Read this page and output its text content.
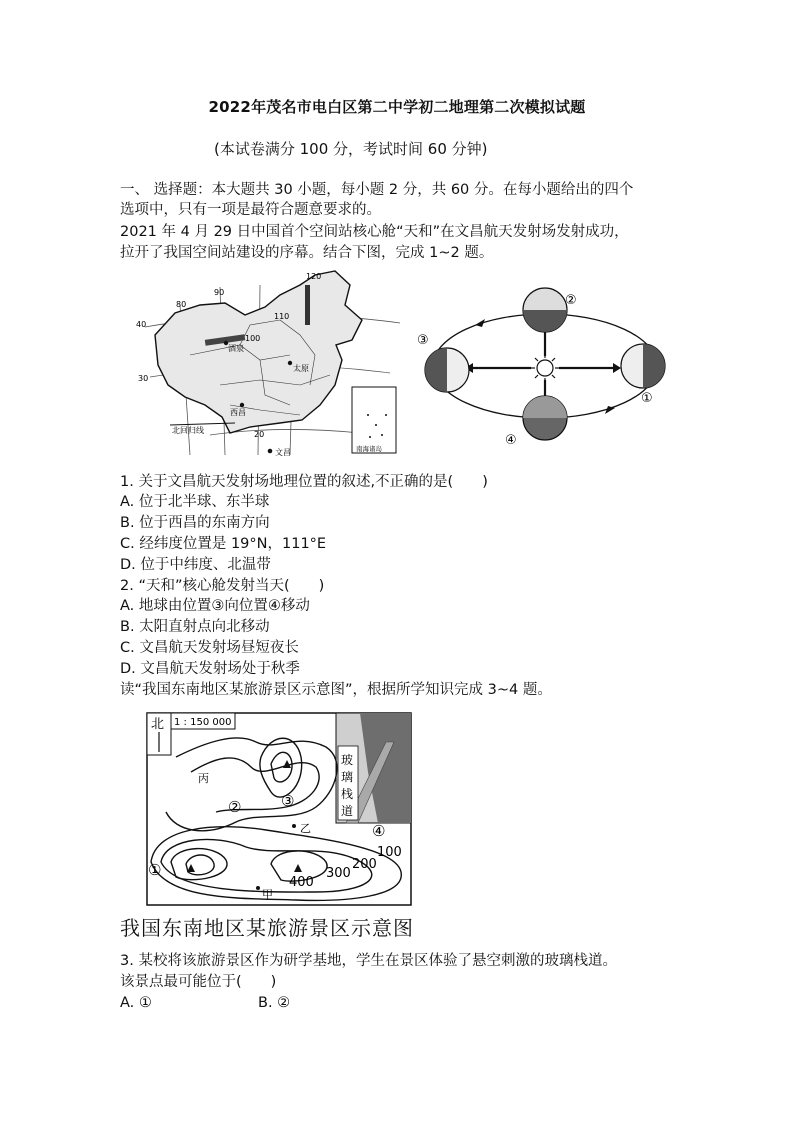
2022年茂名市电白区第二中学初二地理第二次模拟试题
(本试卷满分 100 分，考试时间 60 分钟)
一、 选择题：本大题共 30 小题，每小题 2 分，共 60 分。在每小题给出的四个
选项中，只有一项是最符合题意要求的。
2021 年 4 月 29 日中国首个空间站核心舱“天和”在文昌航天发射场发射成功，
拉开了我国空间站建设的序幕。结合下图，完成 1~2 题。
80
90
100
110
120
40
30
20
酒泉
太原
西昌
文昌
北回归线
南海诸岛
②
③
①
④
1. 关于文昌航天发射场地理位置的叙述,不正确的是(　　)
A. 位于北半球、东半球
B. 位于西昌的东南方向
C. 经纬度位置是 19°N，111°E
D. 位于中纬度、北温带
2. “天和”核心舱发射当天(　　)
A. 地球由位置③向位置④移动
B. 太阳直射点向北移动
C. 文昌航天发射场昼短夜长
D. 文昌航天发射场处于秋季
读“我国东南地区某旅游景区示意图”，根据所学知识完成 3~4 题。
北 1 : 150 000
玻
璃
栈
道
①
②	③
④
丙
乙
甲
100
200
300
400
我国东南地区某旅游景区示意图
3. 某校将该旅游景区作为研学基地，学生在景区体验了悬空刺激的玻璃栈道。
该景点最可能位于(　　)
A. ①	B. ②
